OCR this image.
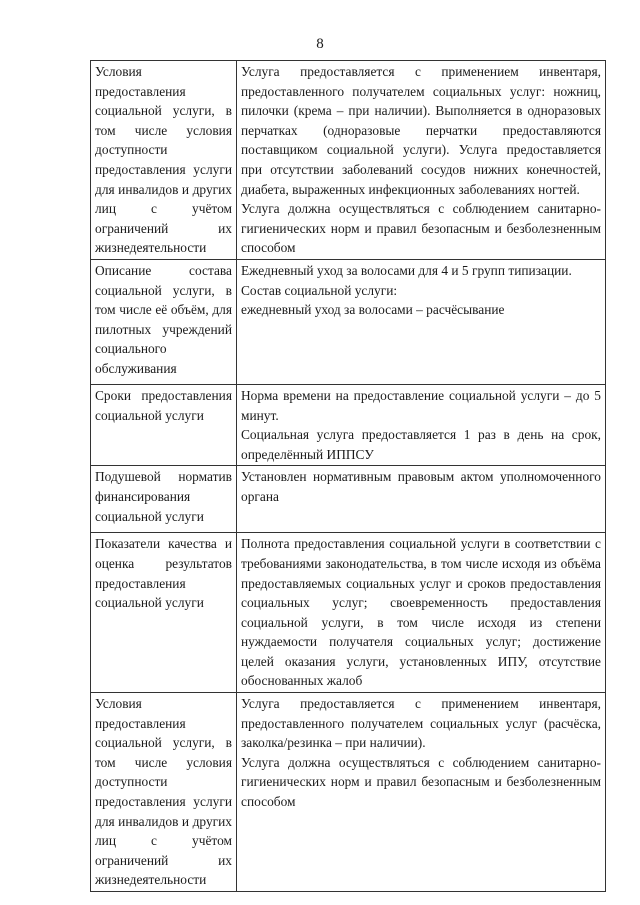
8
Условия предоставления социальной услуги, в том числе условия доступности предоставления услуги для инвалидов и других лиц с учётом ограничений их жизнедеятельности	Услуга предоставляется с применением инвентаря, предоставленного получателем социальных услуг: ножниц, пилочки (крема – при наличии). Выполняется в одноразовых перчатках (одноразовые перчатки предоставляются поставщиком социальной услуги). Услуга предоставляется при отсутствии заболеваний сосудов нижних конечностей, диабета, выраженных инфекционных заболеваниях ногтей.

Услуга должна осуществляться с соблюдением санитарно-гигиенических норм и правил безопасным и безболезненным способом

Описание состава социальной услуги, в том числе её объём, для пилотных учреждений социального обслуживания	Ежедневный уход за волосами для 4 и 5 групп типизации.

Состав социальной услуги:

ежедневный уход за волосами – расчёсывание

Сроки предоставления социальной услуги	Норма времени на предоставление социальной услуги – до 5 минут.

Социальная услуга предоставляется 1 раз в день на срок, определённый ИППСУ

Подушевой норматив финансирования социальной услуги	Установлен нормативным правовым актом уполномоченного органа

Показатели качества и оценка результатов предоставления социальной услуги	Полнота предоставления социальной услуги в соответствии с требованиями законодательства, в том числе исходя из объёма предоставляемых социальных услуг и сроков предоставления социальных услуг; своевременность предоставления социальной услуги, в том числе исходя из степени нуждаемости получателя социальных услуг; достижение целей оказания услуги, установленных ИПУ, отсутствие обоснованных жалоб

Условия предоставления социальной услуги, в том числе условия доступности предоставления услуги для инвалидов и других лиц с учётом ограничений их жизнедеятельности	Услуга предоставляется с применением инвентаря, предоставленного получателем социальных услуг (расчёска, заколка/резинка – при наличии).

Услуга должна осуществляться с соблюдением санитарно-гигиенических норм и правил безопасным и безболезненным способом
